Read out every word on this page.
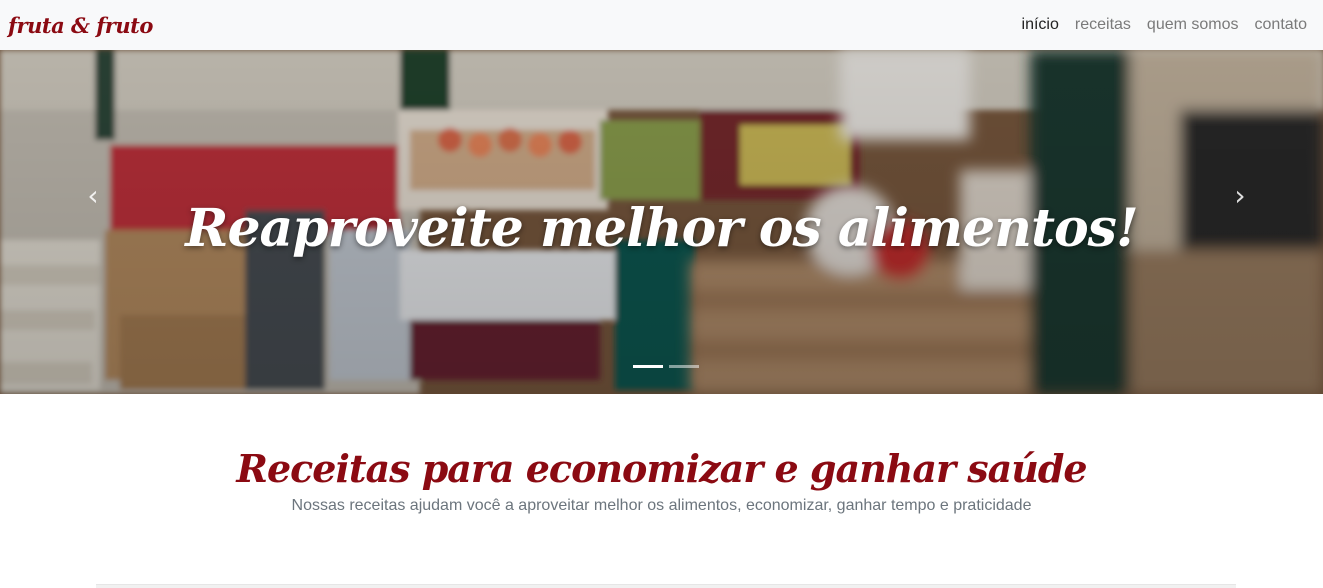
fruta & fruto	início	receitas	quem somos	contato
‹	›
Reaproveite melhor os alimentos!
Receitas para economizar e ganhar saúde

Nossas receitas ajudam você a aproveitar melhor os alimentos, economizar, ganhar tempo e praticidade
